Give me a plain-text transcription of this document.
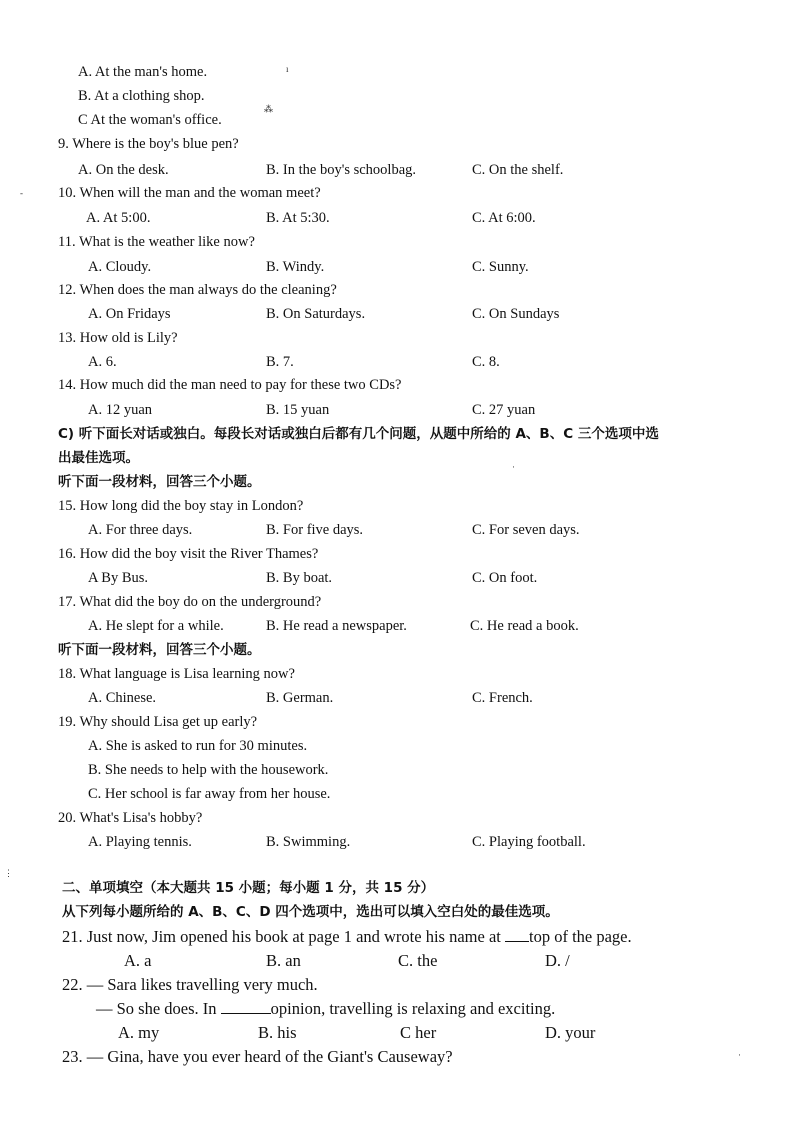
A. At the man's home.
B. At a clothing shop.
C At the woman's office.
9. Where is the boy's blue pen?
A. On the desk.	B. In the boy's schoolbag.	C. On the shelf.
10. When will the man and the woman meet?
A. At 5:00.	B. At 5:30.	C. At 6:00.
11. What is the weather like now?
A. Cloudy.	B. Windy.	C. Sunny.
12. When does the man always do the cleaning?
A. On Fridays	B. On Saturdays.	C. On Sundays
13. How old is Lily?
A. 6.	B. 7.	C. 8.
14. How much did the man need to pay for these two CDs?
A. 12 yuan	B. 15 yuan	C. 27 yuan
C) 听下面长对话或独白。每段长对话或独白后都有几个问题，从题中所给的 A、B、C 三个选项中选
出最佳选项。
听下面一段材料，回答三个小题。
15. How long did the boy stay in London?
A. For three days.	B. For five days.	C. For seven days.
16. How did the boy visit the River Thames?
A By Bus.	B. By boat.	C. On foot.
17. What did the boy do on the underground?
A. He slept for a while.	B. He read a newspaper.	C. He read a book.
听下面一段材料，回答三个小题。
18. What language is Lisa learning now?
A. Chinese.	B. German.	C. French.
19. Why should Lisa get up early?
A. She is asked to run for 30 minutes.
B. She needs to help with the housework.
C. Her school is far away from her house.
20. What's Lisa's hobby?
A. Playing tennis.	B. Swimming.	C. Playing football.
二、单项填空（本大题共 15 小题；每小题 1 分，共 15 分）
从下列每小题所给的 A、B、C、D 四个选项中，选出可以填入空白处的最佳选项。
21. Just now, Jim opened his book at page 1 and wrote his name at top of the page.
A. a	B. an	C. the	D. /
22. — Sara likes travelling very much.
— So she does. In	opinion, travelling is relaxing and exciting.
A. my	B. his	C her	D. your
23. — Gina, have you ever heard of the Giant's Causeway?
ı
⁂
-
·
⋮
·
